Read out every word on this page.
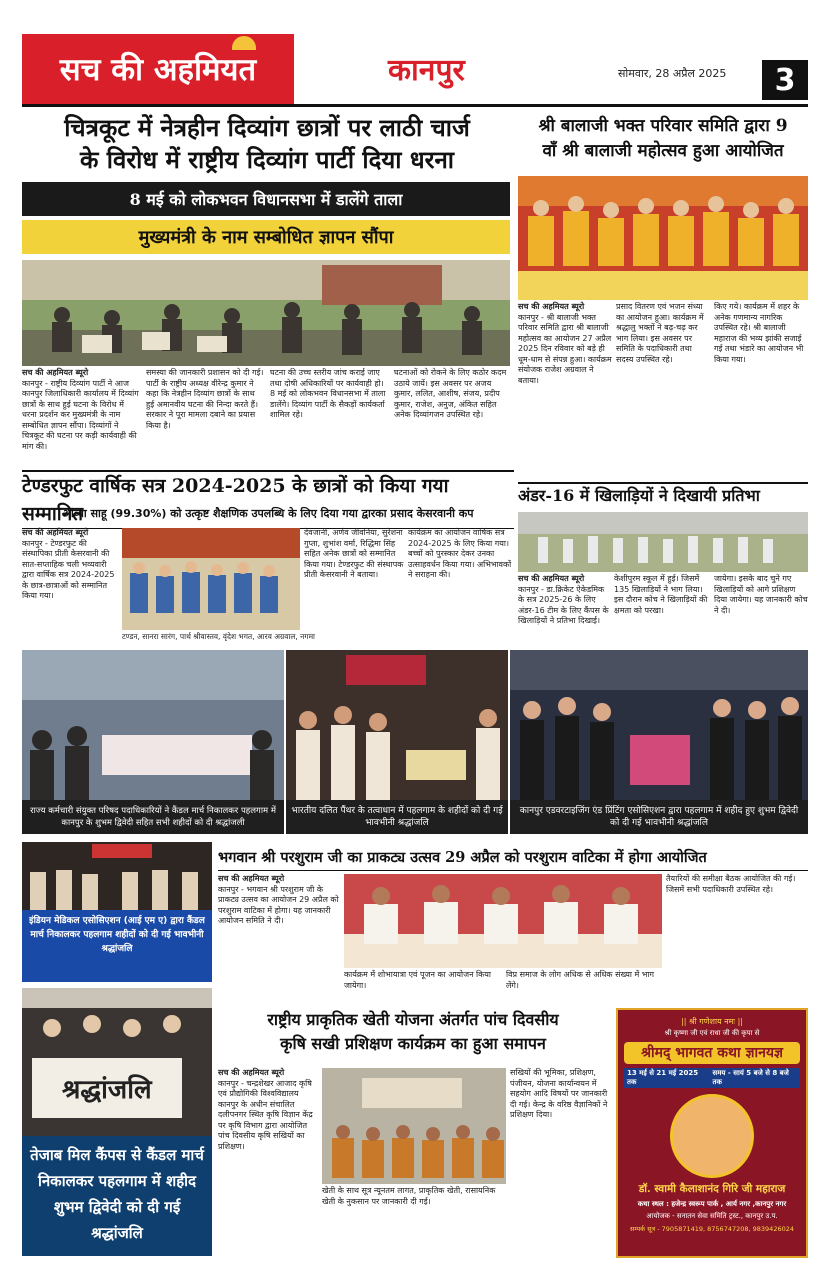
सच की अहमियत	कानपुर	सोमवार, 28 अप्रैल 2025	3
चित्रकूट में नेत्रहीन दिव्यांग छात्रों पर लाठी चार्ज
के विरोध में राष्ट्रीय दिव्यांग पार्टी दिया धरना
8 मई को लोकभवन विधानसभा में डालेंगे ताला
मुख्यमंत्री के नाम सम्बोधित ज्ञापन सौंपा
सच की अहमियत ब्यूरो
कानपुर - राष्ट्रीय दिव्यांग पार्टी ने आज कानपुर जिलाधिकारी कार्यालय में दिव्यांग छात्रों के साथ हुई घटना के विरोध में धरना प्रदर्शन कर मुख्यमंत्री के नाम सम्बोधित ज्ञापन सौंपा। दिव्यांगों ने चित्रकूट की घटना पर कड़ी कार्यवाही की मांग की।
समस्या की जानकारी प्रशासन को दी गई। पार्टी के राष्ट्रीय अध्यक्ष वीरेन्द्र कुमार ने कहा कि नेत्रहीन दिव्यांग छात्रों के साथ हुई अमानवीय घटना की निन्दा करते हैं। सरकार ने पूरा मामला दबाने का प्रयास किया है।
घटना की उच्च स्तरीय जांच कराई जाए तथा दोषी अधिकारियों पर कार्यवाही हो। 8 मई को लोकभवन विधानसभा में ताला डालेंगे। दिव्यांग पार्टी के सैकड़ों कार्यकर्ता शामिल रहे।
घटनाओं को रोकने के लिए कठोर कदम उठाये जायें। इस अवसर पर अजय कुमार, ललित, आशीष, संजय, प्रदीप कुमार, राजेश, अनुज, अंकित सहित अनेक दिव्यांगजन उपस्थित रहे।
श्री बालाजी भक्त परिवार समिति द्वारा 9
वाँ श्री बालाजी महोत्सव हुआ आयोजित
सच की अहमियत ब्यूरो
कानपुर - श्री बालाजी भक्त परिवार समिति द्वारा श्री बालाजी महोत्सव का आयोजन 27 अप्रैल 2025 दिन रविवार को बड़े ही धूम-धाम से संपन्न हुआ। कार्यक्रम संयोजक राजेश अग्रवाल ने बताया।
प्रसाद वितरण एवं भजन संध्या का आयोजन हुआ। कार्यक्रम में श्रद्धालु भक्तों ने बढ़-चढ़ कर भाग लिया। इस अवसर पर समिति के पदाधिकारी तथा सदस्य उपस्थित रहे।
किए गये। कार्यक्रम में शहर के अनेक गणमान्य नागरिक उपस्थित रहे। श्री बालाजी महाराज की भव्य झांकी सजाई गई तथा भंडारे का आयोजन भी किया गया।
टेण्डरफुट वार्षिक सत्र 2024-2025 के छात्रों को किया गया सम्मानित
आव्या साहू (99.30%) को उत्कृष्ट शैक्षणिक उपलब्धि के लिए दिया गया द्वारका प्रसाद केसरवानी कप
सच की अहमियत ब्यूरो
कानपुर - टेण्डरफुट की संस्थापिका प्रीती केसरवानी की सात-सप्ताहिक चली भव्यवारी द्वारा वार्षिक सत्र 2024-2025 के छात्र-छात्राओं को सम्मानित किया गया।
टण्डन, सानरा सारंग, पार्थ श्रीवास्तव, वृंदेश भगत, आरव अग्रवाल, नगमा
देवजानी, अर्णव जीवनिया, सुरेशना गुप्ता, शुभांश वर्मा, रिद्धिमा सिंह सहित अनेक छात्रों को सम्मानित किया गया। टेण्डरफुट की संस्थापक प्रीती केसरवानी ने बताया।
कार्यक्रम का आयोजन वार्षिक सत्र 2024-2025 के लिए किया गया। बच्चों को पुरस्कार देकर उनका उत्साहवर्धन किया गया। अभिभावकों ने सराहना की।
अंडर-16 में खिलाड़ियों ने दिखायी प्रतिभा
सच की अहमियत ब्यूरो
कानपुर - डा.क्रिकेट ऐकेडमिक के सत्र 2025-26 के लिए अंडर-16 टीम के लिए कैंपस के खिलाड़ियों ने प्रतिभा दिखाई।
केशीपुरम स्कूल में हुई। जिसमें 135 खिलाड़ियों ने भाग लिया। इस दौरान कोच ने खिलाड़ियों की क्षमता को परखा।
जायेगा। इसके बाद चुने गए खिलाड़ियों को आगे प्रशिक्षण दिया जायेगा। यह जानकारी कोच ने दी।
राज्य कर्मचारी संयुक्त परिषद पदाधिकारियों ने कैंडल मार्च निकालकर पहलगाम में कानपुर के शुभम द्विवेदी सहित सभी शहीदों को दी श्रद्धांजली
भारतीय दलित पैंथर के तत्वाधान में पहलगाम के शहीदों को दी गई भावभीनी श्रद्धांजलि
कानपुर एडवरटाइजिंग एंड प्रिंटिंग एसोसिएशन द्वारा पहलगाम में शहीद हुए शुभम द्विवेदी को दी गई भावभीनी श्रद्धांजलि
इंडियन मेडिकल एसोसिएशन (आई एम ए) द्वारा कैंडल मार्च निकालकर पहलगाम शहीदों को दी गई भावभीनी श्रद्धांजलि
श्रद्धांजलि
तेजाब मिल कैंपस से कैंडल मार्च निकालकर पहलगाम में शहीद शुभम द्विवेदी को दी गई श्रद्धांजलि
भगवान श्री परशुराम जी का प्राकट्य उत्सव 29 अप्रैल को परशुराम वाटिका में होगा आयोजित
सच की अहमियत ब्यूरो
कानपुर - भगवान श्री परशुराम जी के प्राकट्य उत्सव का आयोजन 29 अप्रैल को परशुराम वाटिका में होगा। यह जानकारी आयोजन समिति ने दी।
तैयारियों की समीक्षा बैठक आयोजित की गई। जिसमें सभी पदाधिकारी उपस्थित रहे।
कार्यक्रम में शोभायात्रा एवं पूजन का आयोजन किया जायेगा।
विप्र समाज के लोग अधिक से अधिक संख्या में भाग लेंगे।
राष्ट्रीय प्राकृतिक खेती योजना अंतर्गत पांच दिवसीय
कृषि सखी प्रशिक्षण कार्यक्रम का हुआ समापन
सच की अहमियत ब्यूरो
कानपुर - चन्द्रशेखर आजाद कृषि एवं प्रौद्योगिकी विश्वविद्यालय कानपुर के अधीन संचालित दलीपनगर स्थित कृषि विज्ञान केंद्र पर कृषि विभाग द्वारा आयोजित पांच दिवसीय कृषि सखियों का प्रशिक्षण।
खेती के साथ सूत्र न्यूनतम लागत, प्राकृतिक खेती, रासायनिक खेती के नुकसान पर जानकारी दी गई।
सखियों की भूमिका, प्रशिक्षण, पंजीयन, योजना कार्यान्वयन में सहयोग आदि विषयों पर जानकारी दी गई। केन्द्र के वरिष्ठ वैज्ञानिकों ने प्रशिक्षण दिया।
|| श्री गणेशाय नमः ||
श्री कृष्णा जी एवं राधा जी की कृपा से
श्रीमद् भागवत कथा ज्ञानयज्ञ
13 मई से 21 मई 2025 तक
समय - सायं 5 बजे से 8 बजे तक
डॉ. स्वामी कैलाशानंद गिरि जी महाराज
कथा स्थल : हजेन्द्र स्वरूप पार्क , आर्य नगर ,कानपुर नगर
आयोजक - सनातन सेवा समिति ट्रस्ट., कानपुर उ.प.
सम्पर्क सूत्र - 7905871419, 8756747208, 9839426024
